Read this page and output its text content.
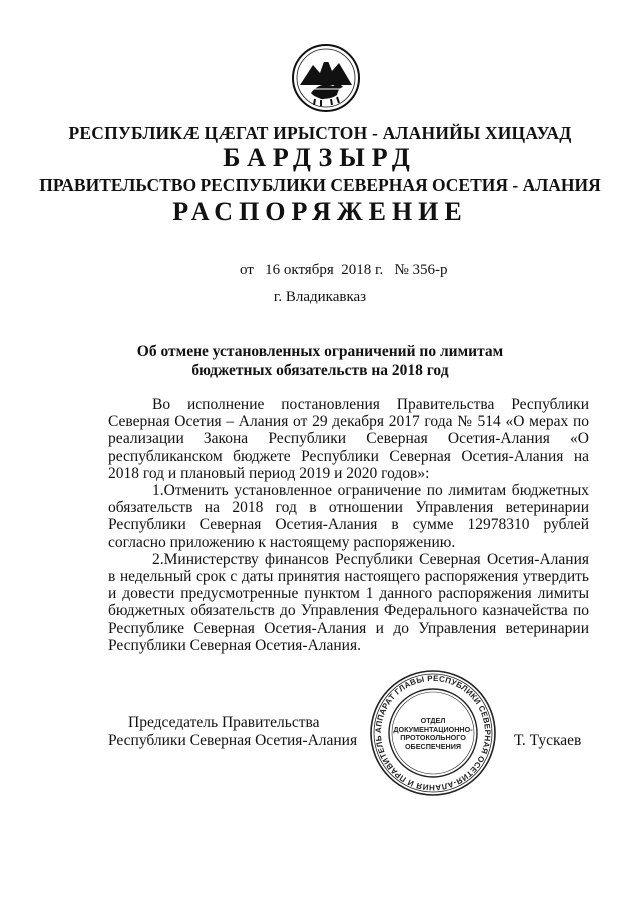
РЕСПУБЛИКӔ ЦӔГАТ ИРЫСТОН - АЛАНИЙЫ ХИЦАУАД
БАРДЗЫРД
ПРАВИТЕЛЬСТВО РЕСПУБЛИКИ СЕВЕРНАЯ ОСЕТИЯ - АЛАНИЯ
РАСПОРЯЖЕНИЕ
от   16 октября  2018 г.   № 356-р
г. Владикавказ
Об отмене установленных ограничений по лимитам
бюджетных обязательств на 2018 год

Во исполнение постановления Правительства Республики Северная Осетия – Алания от 29 декабря 2017 года № 514 «О мерах по реализации Закона Республики Северная Осетия-Алания «О республиканском бюджете Республики Северная Осетия-Алания на 2018 год и плановый период 2019 и 2020 годов»:

1.Отменить установленное ограничение по лимитам бюджетных обязательств на 2018 год в отношении Управления ветеринарии Республики Северная Осетия-Алания в сумме 12978310 рублей согласно приложению к настоящему распоряжению.

2.Министерству финансов Республики Северная Осетия-Алания в недельный срок с даты принятия настоящего распоряжения утвердить и довести предусмотренные пунктом 1 данного распоряжения лимиты бюджетных обязательств до Управления Федерального казначейства по Республике Северная Осетия-Алания и до Управления ветеринарии Республики Северная Осетия-Алания.

Председатель Правительства
Республики Северная Осетия-Алания
АППАРАТ ГЛАВЫ РЕСПУБЛИКИ СЕВЕРНАЯ ОСЕТИЯ-АЛАНИЯ И ПРАВИТЕЛЬ
ОТДЕЛ
ДОКУМЕНТАЦИОННО-
ПРОТОКОЛЬНОГО
ОБЕСПЕЧЕНИЯ	Т. Тускаев
